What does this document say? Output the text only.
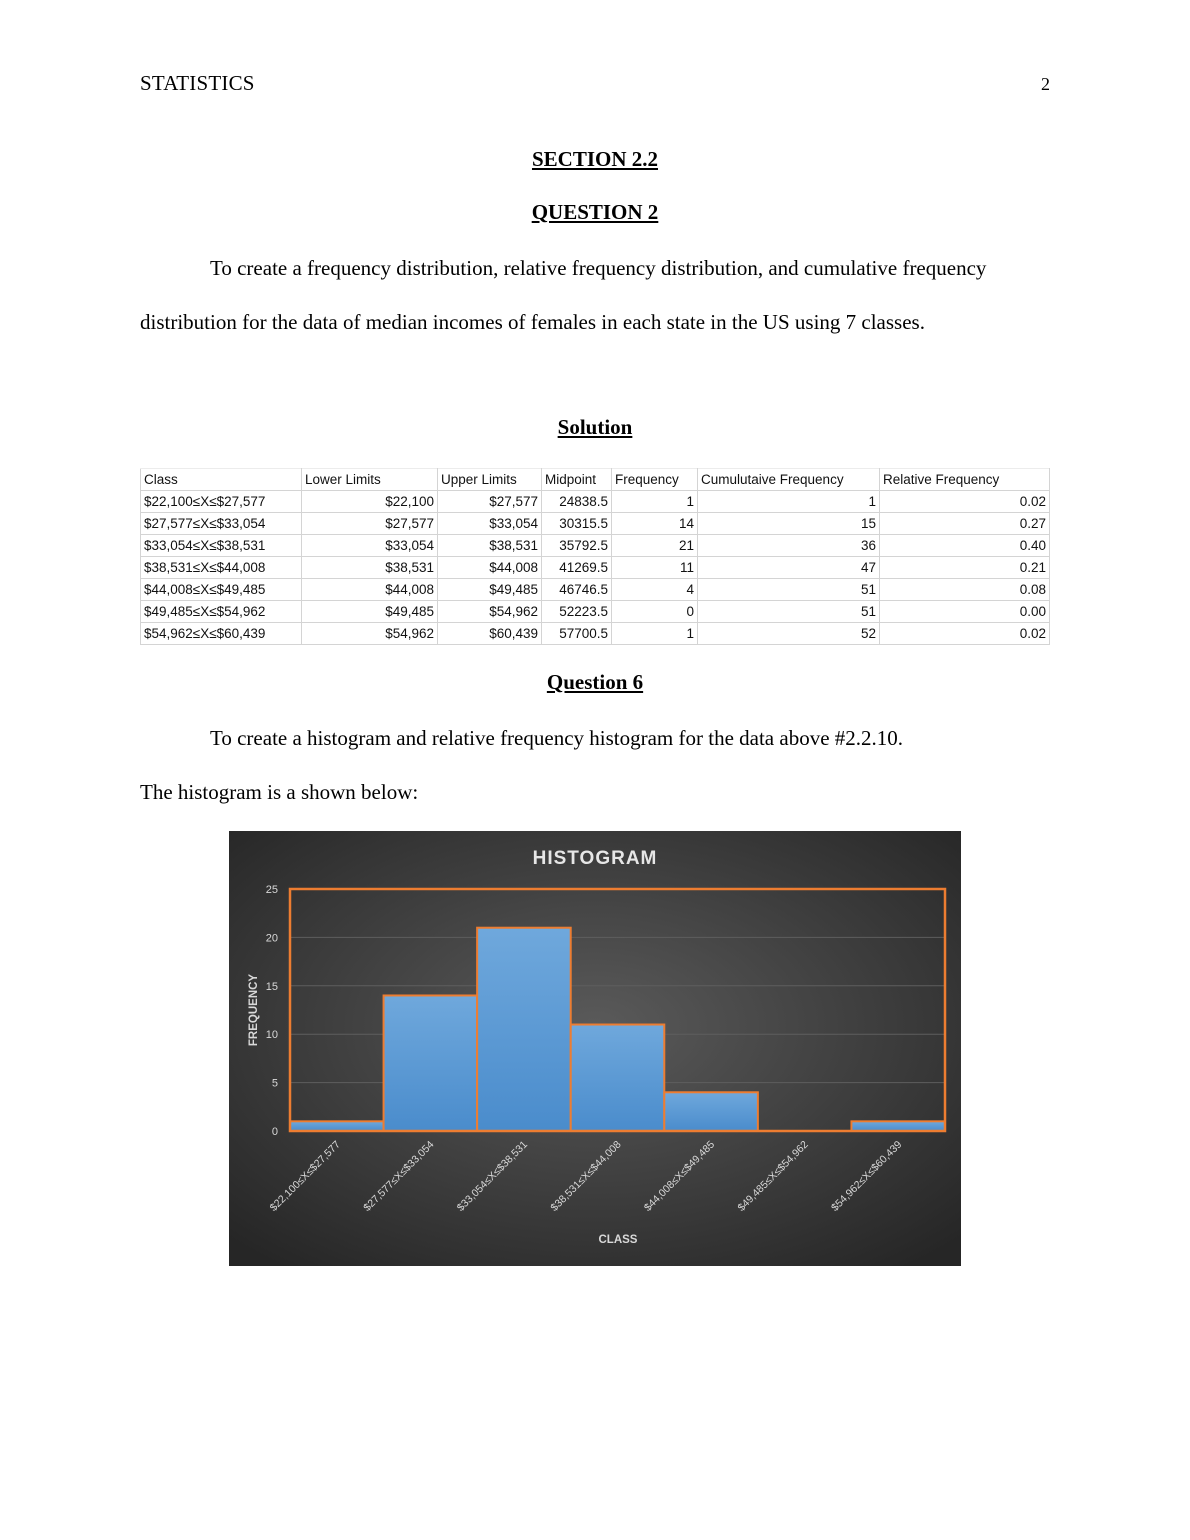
STATISTICS	2
SECTION 2.2
QUESTION 2
To create a frequency distribution, relative frequency distribution, and cumulative frequency distribution for the data of median incomes of females in each state in the US using 7 classes.
Solution
Class	Lower Limits	Upper Limits	Midpoint	Frequency	Cumulutaive Frequency	Relative Frequency
$22,100≤X≤$27,577	$22,100	$27,577	24838.5	1	1	0.02
$27,577≤X≤$33,054	$27,577	$33,054	30315.5	14	15	0.27
$33,054≤X≤$38,531	$33,054	$38,531	35792.5	21	36	0.40
$38,531≤X≤$44,008	$38,531	$44,008	41269.5	11	47	0.21
$44,008≤X≤$49,485	$44,008	$49,485	46746.5	4	51	0.08
$49,485≤X≤$54,962	$49,485	$54,962	52223.5	0	51	0.00
$54,962≤X≤$60,439	$54,962	$60,439	57700.5	1	52	0.02
Question 6
To create a histogram and relative frequency histogram for the data above #2.2.10.
The histogram is a shown below:
HISTOGRAM
0
5
10
15
20
25
$22,100≤X≤$27,577 $27,577≤X≤$33,054 $33,054≤X≤$38,531 $38,531≤X≤$44,008 $44,008≤X≤$49,485 $49,485≤X≤$54,962 $54,962≤X≤$60,439
CLASS
FREQUENCY
